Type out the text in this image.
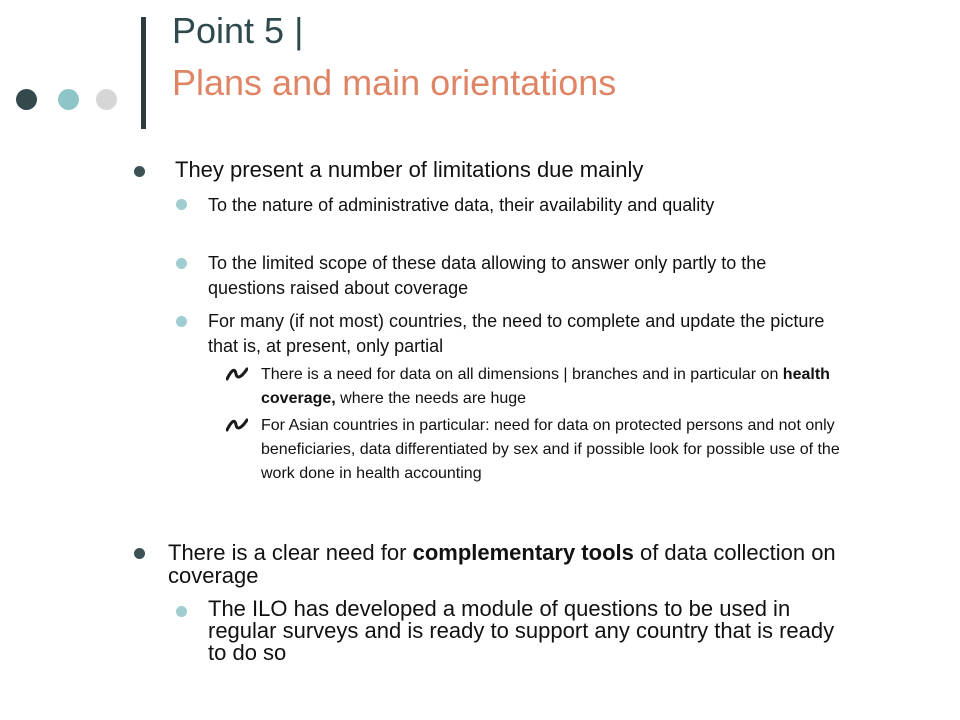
Point 5 |
Plans and main orientations
They present a number of limitations due mainly
To the nature of administrative data, their availability and quality
To the limited scope of these data allowing to answer only partly to the questions raised about coverage
For many (if not most) countries, the need to complete and update the picture that is, at present, only partial
There is a need for data on all dimensions | branches and in particular on health coverage, where the needs are huge
For Asian countries in particular: need for data on protected persons and not only beneficiaries, data differentiated by sex and if possible look for possible use of the work done in health accounting
There is a clear need for complementary tools of data collection on coverage
The ILO has developed a module of questions to be used in regular surveys and is ready to support any country that is ready to do so
